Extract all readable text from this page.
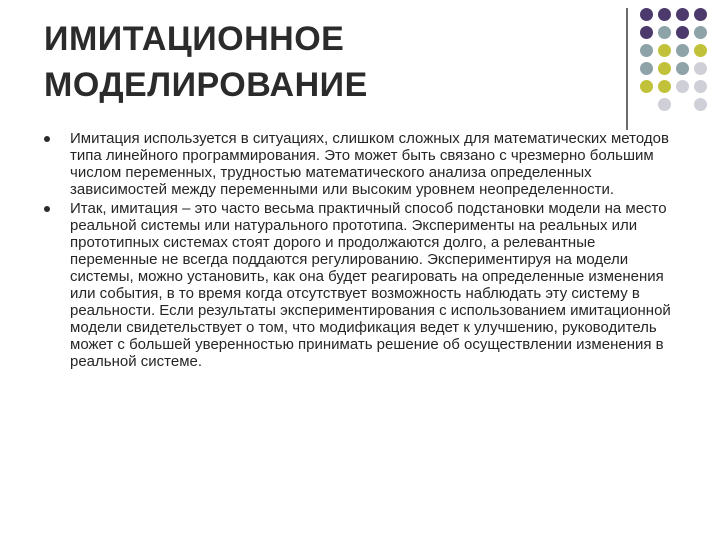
ИМИТАЦИОННОЕ
МОДЕЛИРОВАНИЕ
Имитация используется в ситуациях, слишком сложных для математических методов типа линейного программирования. Это может быть связано с чрезмерно большим числом переменных, трудностью математического анализа определенных зависимостей между переменными или высоким уровнем неопределенности.
Итак, имитация – это часто весьма практичный способ подстановки модели на место реальной системы или натурального прототипа. Эксперименты на реальных или прототипных системах стоят дорого и продолжаются долго, а релевантные переменные не всегда поддаются регулированию. Экспериментируя на модели системы, можно установить, как она будет реагировать на определенные изменения или события, в то время когда отсутствует возможность наблюдать эту систему в реальности. Если результаты экспериментирования с использованием имитационной модели свидетельствует о том, что модификация ведет к улучшению, руководитель может с большей уверенностью принимать решение об осуществлении изменения в реальной системе.
